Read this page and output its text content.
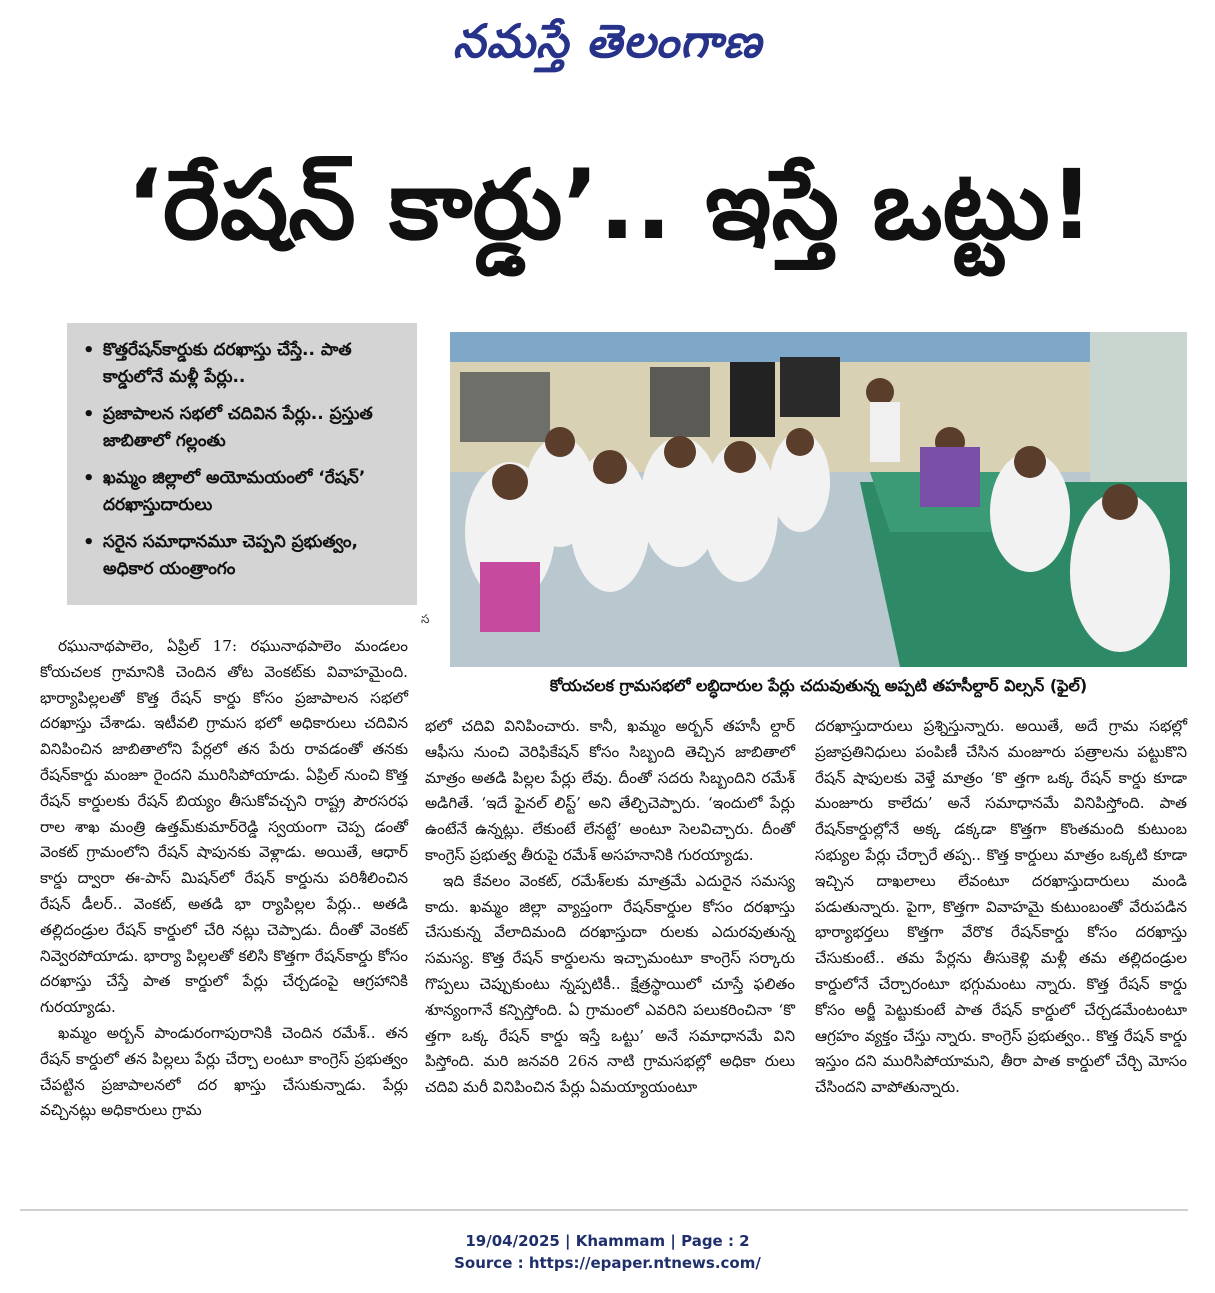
నమస్తే తెలంగాణ
‘రేషన్ కార్డు’.. ఇస్తే ఒట్టు!
• కొత్తరేషన్‌కార్డుకు దరఖాస్తు చేస్తే.. పాత కార్డులోనే మళ్లీ పేర్లు..
• ప్రజాపాలన సభలో చదివిన పేర్లు.. ప్రస్తుత జాబితాలో గల్లంతు
• ఖమ్మం జిల్లాలో అయోమయంలో ‘రేషన్’ దరఖాస్తుదారులు
• సరైన సమాధానమూ చెప్పని ప్రభుత్వం, అధికార యంత్రాంగం
స
కోయచలక గ్రామసభలో లబ్ధిదారుల పేర్లు చదువుతున్న అప్పటి తహసీల్దార్ విల్సన్ (ఫైల్)

రఘునాథపాలెం, ఏప్రిల్ 17: రఘునాథపాలెం మండలం కోయచలక గ్రామానికి చెందిన తోట వెంకట్‌కు వివాహమైంది. భార్యాపిల్లలతో కొత్త రేషన్ కార్డు కోసం ప్రజాపాలన సభలో దరఖాస్తు చేశాడు. ఇటీవలి గ్రామస భలో అధికారులు చదివిన వినిపించిన జాబితాలోని పేర్లలో తన పేరు రావడంతో తనకు రేషన్‌కార్డు మంజూ రైందని మురిసిపోయాడు. ఏప్రిల్ నుంచి కొత్త రేషన్ కార్డులకు రేషన్ బియ్యం తీసుకోవచ్చని రాష్ట్ర పౌరసరఫ రాల శాఖ మంత్రి ఉత్తమ్‌కుమార్‌రెడ్డి స్వయంగా చెప్ప డంతో వెంకట్ గ్రామంలోని రేషన్ షాపునకు వెళ్లాడు. అయితే, ఆధార్ కార్డు ద్వారా ఈ-పాస్ మిషన్‌లో రేషన్ కార్డును పరిశీలించిన రేషన్ డీలర్.. వెంకట్, అతడి భా ర్యాపిల్లల పేర్లు.. అతడి తల్లిదండ్రుల రేషన్ కార్డులో చేరి నట్లు చెప్పాడు. దీంతో వెంకట్ నివ్వెరపోయాడు. భార్యా పిల్లలతో కలిసి కొత్తగా రేషన్‌కార్డు కోసం దరఖాస్తు చేస్తే పాత కార్డులో పేర్లు చేర్చడంపై ఆగ్రహానికి గురయ్యాడు.

ఖమ్మం అర్బన్ పాండురంగాపురానికి చెందిన రమేశ్.. తన రేషన్ కార్డులో తన పిల్లలు పేర్లు చేర్చా లంటూ కాంగ్రెస్ ప్రభుత్వం చేపట్టిన ప్రజాపాలనలో దర ఖాస్తు చేసుకున్నాడు. పేర్లు వచ్చినట్లు అధికారులు గ్రామ

భలో చదివి వినిపించారు. కానీ, ఖమ్మం అర్బన్ తహసీ ల్దార్ ఆఫీసు నుంచి వెరిఫికేషన్ కోసం సిబ్బంది తెచ్చిన జాబితాలో మాత్రం అతడి పిల్లల పేర్లు లేవు. దీంతో సదరు సిబ్బందిని రమేశ్ అడిగితే. ‘ఇదే ఫైనల్ లిస్ట్’ అని తేల్చిచెప్పారు. ‘ఇందులో పేర్లు ఉంటేనే ఉన్నట్లు. లేకుంటే లేనట్టే’ అంటూ సెలవిచ్చారు. దీంతో కాంగ్రెస్ ప్రభుత్వ తీరుపై రమేశ్ అసహనానికి గురయ్యాడు.

ఇది కేవలం వెంకట్, రమేశ్‌లకు మాత్రమే ఎదురైన సమస్య కాదు. ఖమ్మం జిల్లా వ్యాప్తంగా రేషన్‌కార్డుల కోసం దరఖాస్తు చేసుకున్న వేలాదిమంది దరఖాస్తుదా రులకు ఎదురవుతున్న సమస్య. కొత్త రేషన్ కార్డులను ఇచ్చామంటూ కాంగ్రెస్ సర్కారు గొప్పలు చెప్పుకుంటు న్నప్పటికీ.. క్షేత్రస్థాయిలో చూస్తే ఫలితం శూన్యంగానే కన్పిస్తోంది. ఏ గ్రామంలో ఎవరిని పలుకరించినా ‘కొ త్తగా ఒక్క రేషన్ కార్డు ఇస్తే ఒట్టు’ అనే సమాధానమే విని పిస్తోంది. మరి జనవరి 26న నాటి గ్రామసభల్లో అధికా రులు చదివి మరీ వినిపించిన పేర్లు ఏమయ్యాయంటూ

దరఖాస్తుదారులు ప్రశ్నిస్తున్నారు. అయితే, అదే గ్రామ సభల్లో ప్రజాప్రతినిధులు పంపిణీ చేసిన మంజూరు పత్రాలను పట్టుకొని రేషన్ షాపులకు వెళ్తే మాత్రం ‘కొ త్తగా ఒక్క రేషన్ కార్డు కూడా మంజూరు కాలేదు’ అనే సమాధానమే వినిపిస్తోంది. పాత రేషన్‌కార్డుల్లోనే అక్క డక్కడా కొత్తగా కొంతమంది కుటుంబ సభ్యుల పేర్లు చేర్చారే తప్ప.. కొత్త కార్డులు మాత్రం ఒక్కటి కూడా ఇచ్చిన దాఖలాలు లేవంటూ దరఖాస్తుదారులు మండి పడుతున్నారు. పైగా, కొత్తగా వివాహమై కుటుంబంతో వేరుపడిన భార్యాభర్తలు కొత్తగా వేరొక రేషన్‌కార్డు కోసం దరఖాస్తు చేసుకుంటే.. తమ పేర్లను తీసుకెళ్లి మళ్లీ తమ తల్లిదండ్రుల కార్డులోనే చేర్చారంటూ భగ్గుమంటు న్నారు. కొత్త రేషన్ కార్డు కోసం అర్జీ పెట్టుకుంటే పాత రేషన్ కార్డులో చేర్చడమేంటంటూ ఆగ్రహం వ్యక్తం చేస్తు న్నారు. కాంగ్రెస్ ప్రభుత్వం.. కొత్త రేషన్ కార్డు ఇస్తుం దని మురిసిపోయామని, తీరా పాత కార్డులో చేర్చి మోసం చేసిందని వాపోతున్నారు.

19/04/2025 | Khammam | Page : 2
Source : https://epaper.ntnews.com/
